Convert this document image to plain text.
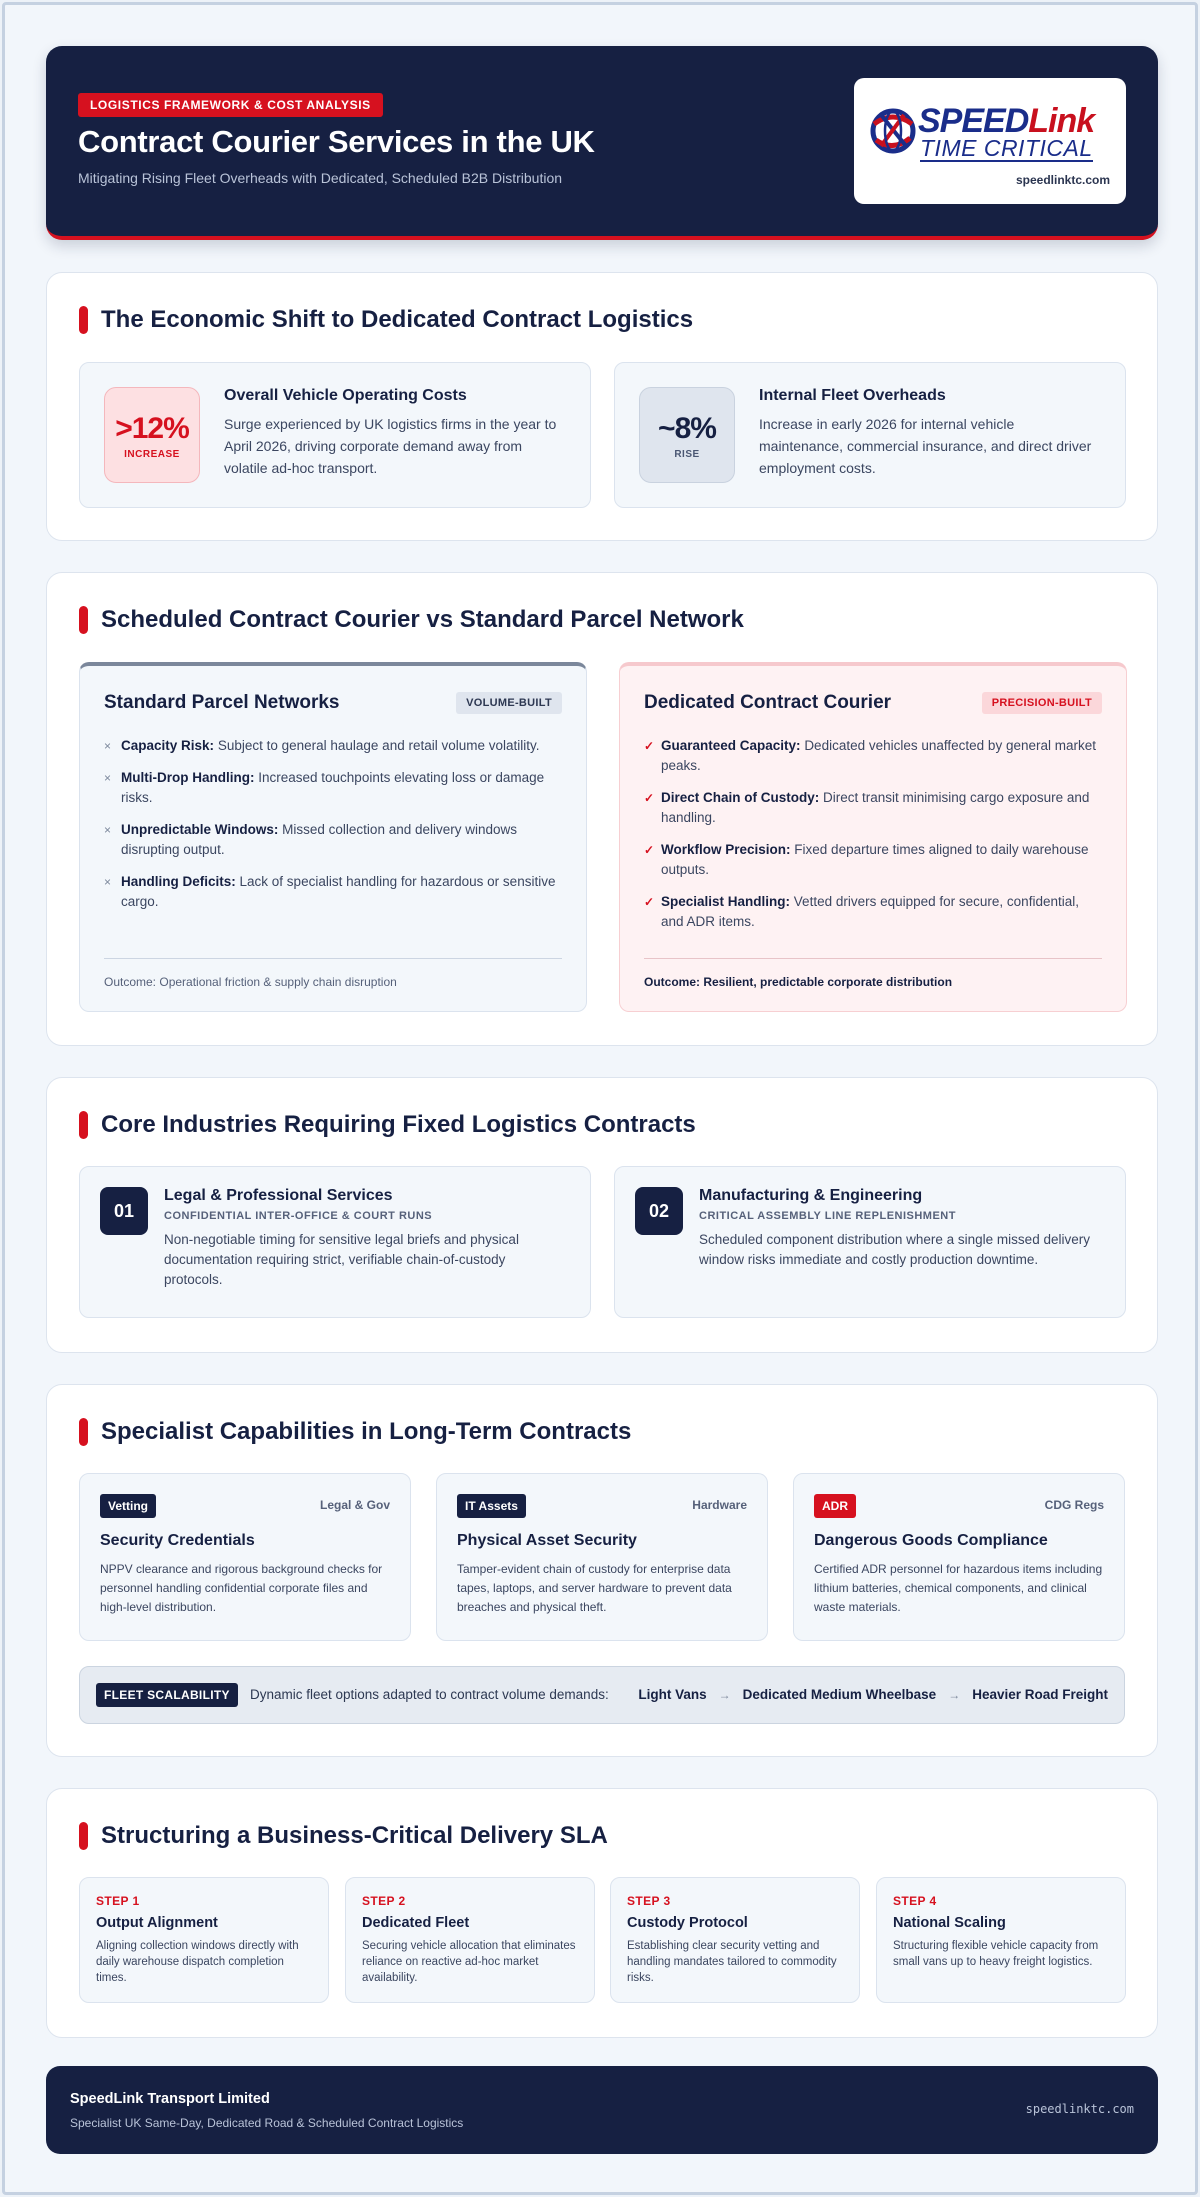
LOGISTICS FRAMEWORK & COST ANALYSIS
Contract Courier Services in the UK
Mitigating Rising Fleet Overheads with Dedicated, Scheduled B2B Distribution
SPEEDLink
TIME CRITICAL
speedlinktc.com
The Economic Shift to Dedicated Contract Logistics
>12%
INCREASE
Overall Vehicle Operating Costs

Surge experienced by UK logistics firms in the year to April 2026, driving corporate demand away from volatile ad-hoc transport.

~8%
RISE
Internal Fleet Overheads

Increase in early 2026 for internal vehicle maintenance, commercial insurance, and direct driver employment costs.

Scheduled Contract Courier vs Standard Parcel Network
Standard Parcel Networks	VOLUME-BUILT
× Capacity Risk: Subject to general haulage and retail volume volatility.
× Multi-Drop Handling: Increased touchpoints elevating loss or damage risks.
× Unpredictable Windows: Missed collection and delivery windows disrupting output.
× Handling Deficits: Lack of specialist handling for hazardous or sensitive cargo.
Outcome: Operational friction & supply chain disruption
Dedicated Contract Courier	PRECISION-BUILT
✓ Guaranteed Capacity: Dedicated vehicles unaffected by general market peaks.
✓ Direct Chain of Custody: Direct transit minimising cargo exposure and handling.
✓ Workflow Precision: Fixed departure times aligned to daily warehouse outputs.
✓ Specialist Handling: Vetted drivers equipped for secure, confidential, and ADR items.
Outcome: Resilient, predictable corporate distribution
Core Industries Requiring Fixed Logistics Contracts
01
Legal & Professional Services
CONFIDENTIAL INTER-OFFICE & COURT RUNS

Non-negotiable timing for sensitive legal briefs and physical documentation requiring strict, verifiable chain-of-custody protocols.

02
Manufacturing & Engineering
CRITICAL ASSEMBLY LINE REPLENISHMENT

Scheduled component distribution where a single missed delivery window risks immediate and costly production downtime.

Specialist Capabilities in Long-Term Contracts
Vetting	Legal & Gov
Security Credentials

NPPV clearance and rigorous background checks for personnel handling confidential corporate files and high-level distribution.

IT Assets	Hardware
Physical Asset Security

Tamper-evident chain of custody for enterprise data tapes, laptops, and server hardware to prevent data breaches and physical theft.

ADR	CDG Regs
Dangerous Goods Compliance

Certified ADR personnel for hazardous items including lithium batteries, chemical components, and clinical waste materials.

FLEET SCALABILITY	Dynamic fleet options adapted to contract volume demands: Light Vans → Dedicated Medium Wheelbase → Heavier Road Freight
Structuring a Business-Critical Delivery SLA
STEP 1
Output Alignment

Aligning collection windows directly with daily warehouse dispatch completion times.

STEP 2
Dedicated Fleet

Securing vehicle allocation that eliminates reliance on reactive ad-hoc market availability.

STEP 3
Custody Protocol

Establishing clear security vetting and handling mandates tailored to commodity risks.

STEP 4
National Scaling

Structuring flexible vehicle capacity from small vans up to heavy freight logistics.

SpeedLink Transport Limited
Specialist UK Same-Day, Dedicated Road & Scheduled Contract Logistics
speedlinktc.com
